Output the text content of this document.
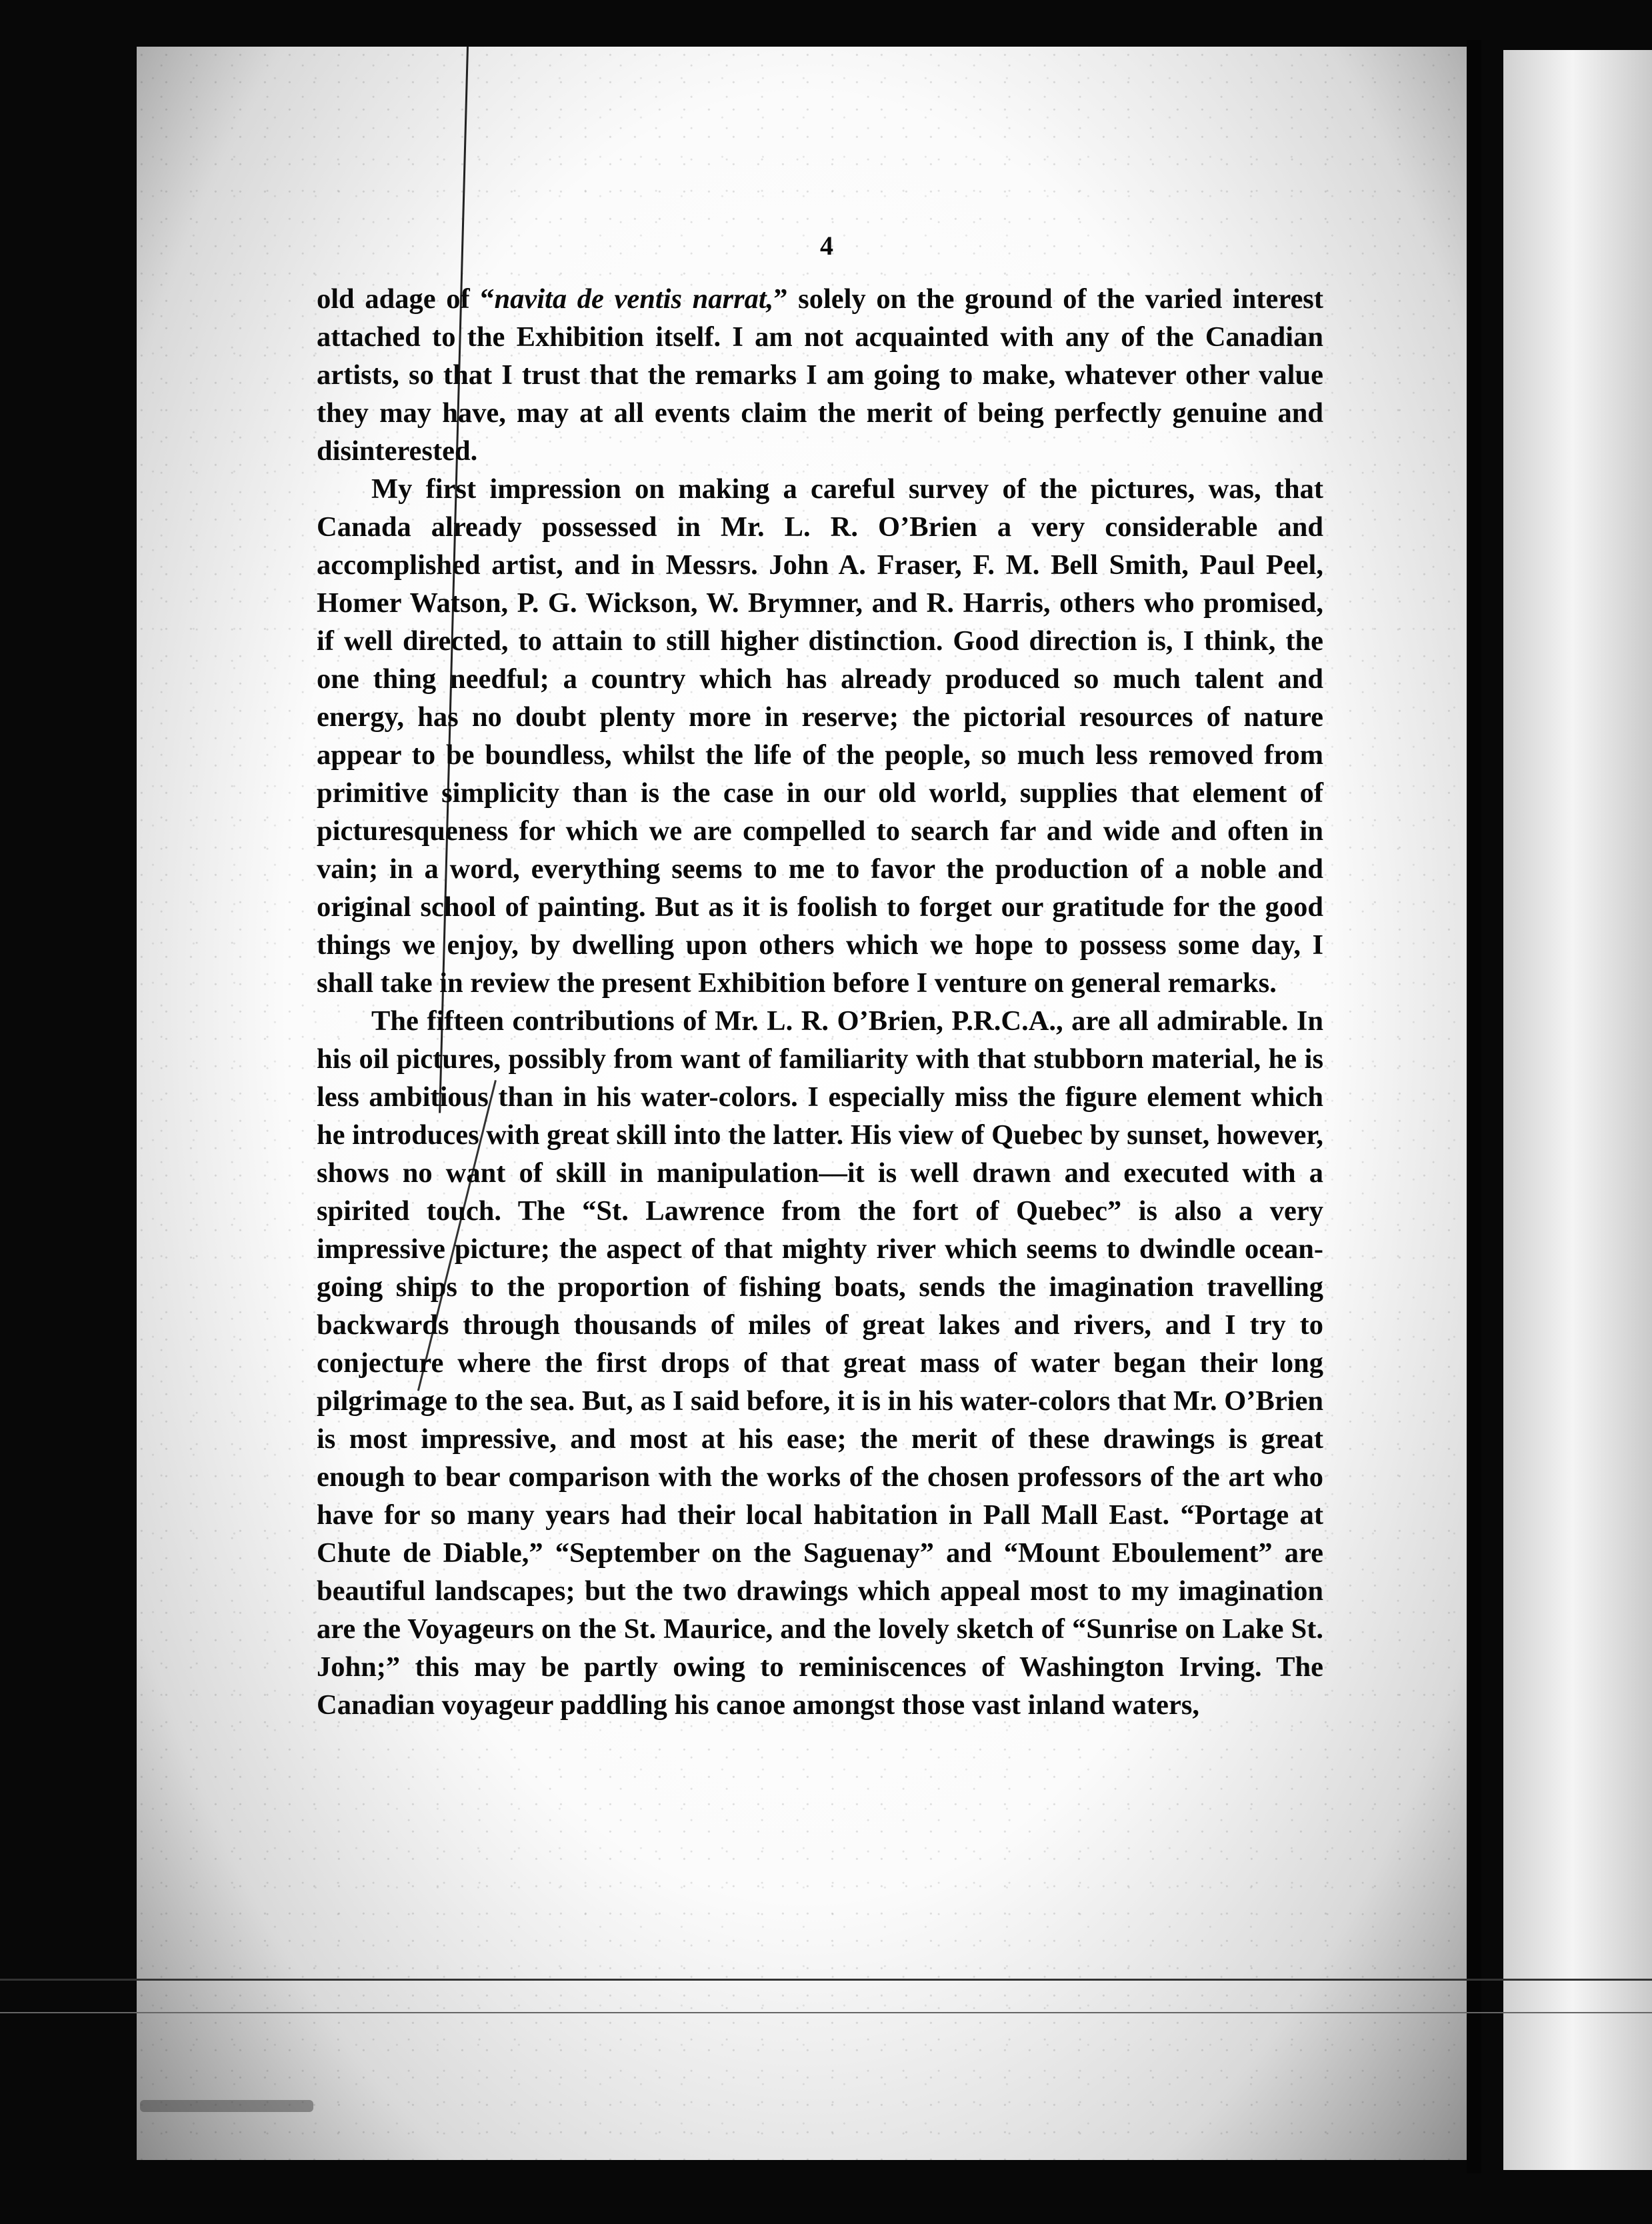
4

old adage of “navita de ventis narrat,” solely on the ground of the varied interest attached to the Exhibition itself. I am not acquainted with any of the Canadian artists, so that I trust that the remarks I am going to make, whatever other value they may have, may at all events claim the merit of being perfectly genuine and disinterested.

My first impression on making a careful survey of the pictures, was, that Canada already possessed in Mr. L. R. O’Brien a very considerable and accomplished artist, and in Messrs. John A. Fraser, F. M. Bell Smith, Paul Peel, Homer Watson, P. G. Wickson, W. Brymner, and R. Harris, others who promised, if well directed, to attain to still higher distinction. Good direction is, I think, the one thing needful; a country which has already produced so much talent and energy, has no doubt plenty more in reserve; the pictorial resources of nature appear to be boundless, whilst the life of the people, so much less removed from primitive simplicity than is the case in our old world, supplies that element of picturesqueness for which we are compelled to search far and wide and often in vain; in a word, everything seems to me to favor the production of a noble and original school of painting. But as it is foolish to forget our gratitude for the good things we enjoy, by dwelling upon others which we hope to possess some day, I shall take in review the present Exhibition before I venture on general remarks.

The fifteen contributions of Mr. L. R. O’Brien, P.R.C.A., are all admirable. In his oil pictures, possibly from want of familiarity with that stubborn material, he is less ambitious than in his water-colors. I especially miss the figure element which he introduces with great skill into the latter. His view of Quebec by sunset, however, shows no want of skill in manipulation—it is well drawn and executed with a spirited touch. The “St. Lawrence from the fort of Quebec” is also a very impressive picture; the aspect of that mighty river which seems to dwindle ocean-going ships to the proportion of fishing boats, sends the imagination travelling backwards through thousands of miles of great lakes and rivers, and I try to conjecture where the first drops of that great mass of water began their long pilgrimage to the sea. But, as I said before, it is in his water-colors that Mr. O’Brien is most impressive, and most at his ease; the merit of these drawings is great enough to bear comparison with the works of the chosen professors of the art who have for so many years had their local habitation in Pall Mall East. “Portage at Chute de Diable,” “September on the Saguenay” and “Mount Eboulement” are beautiful landscapes; but the two drawings which appeal most to my imagination are the Voyageurs on the St. Maurice, and the lovely sketch of “Sunrise on Lake St. John;” this may be partly owing to reminiscences of Washington Irving. The Canadian voyageur paddling his canoe amongst those vast inland waters,
